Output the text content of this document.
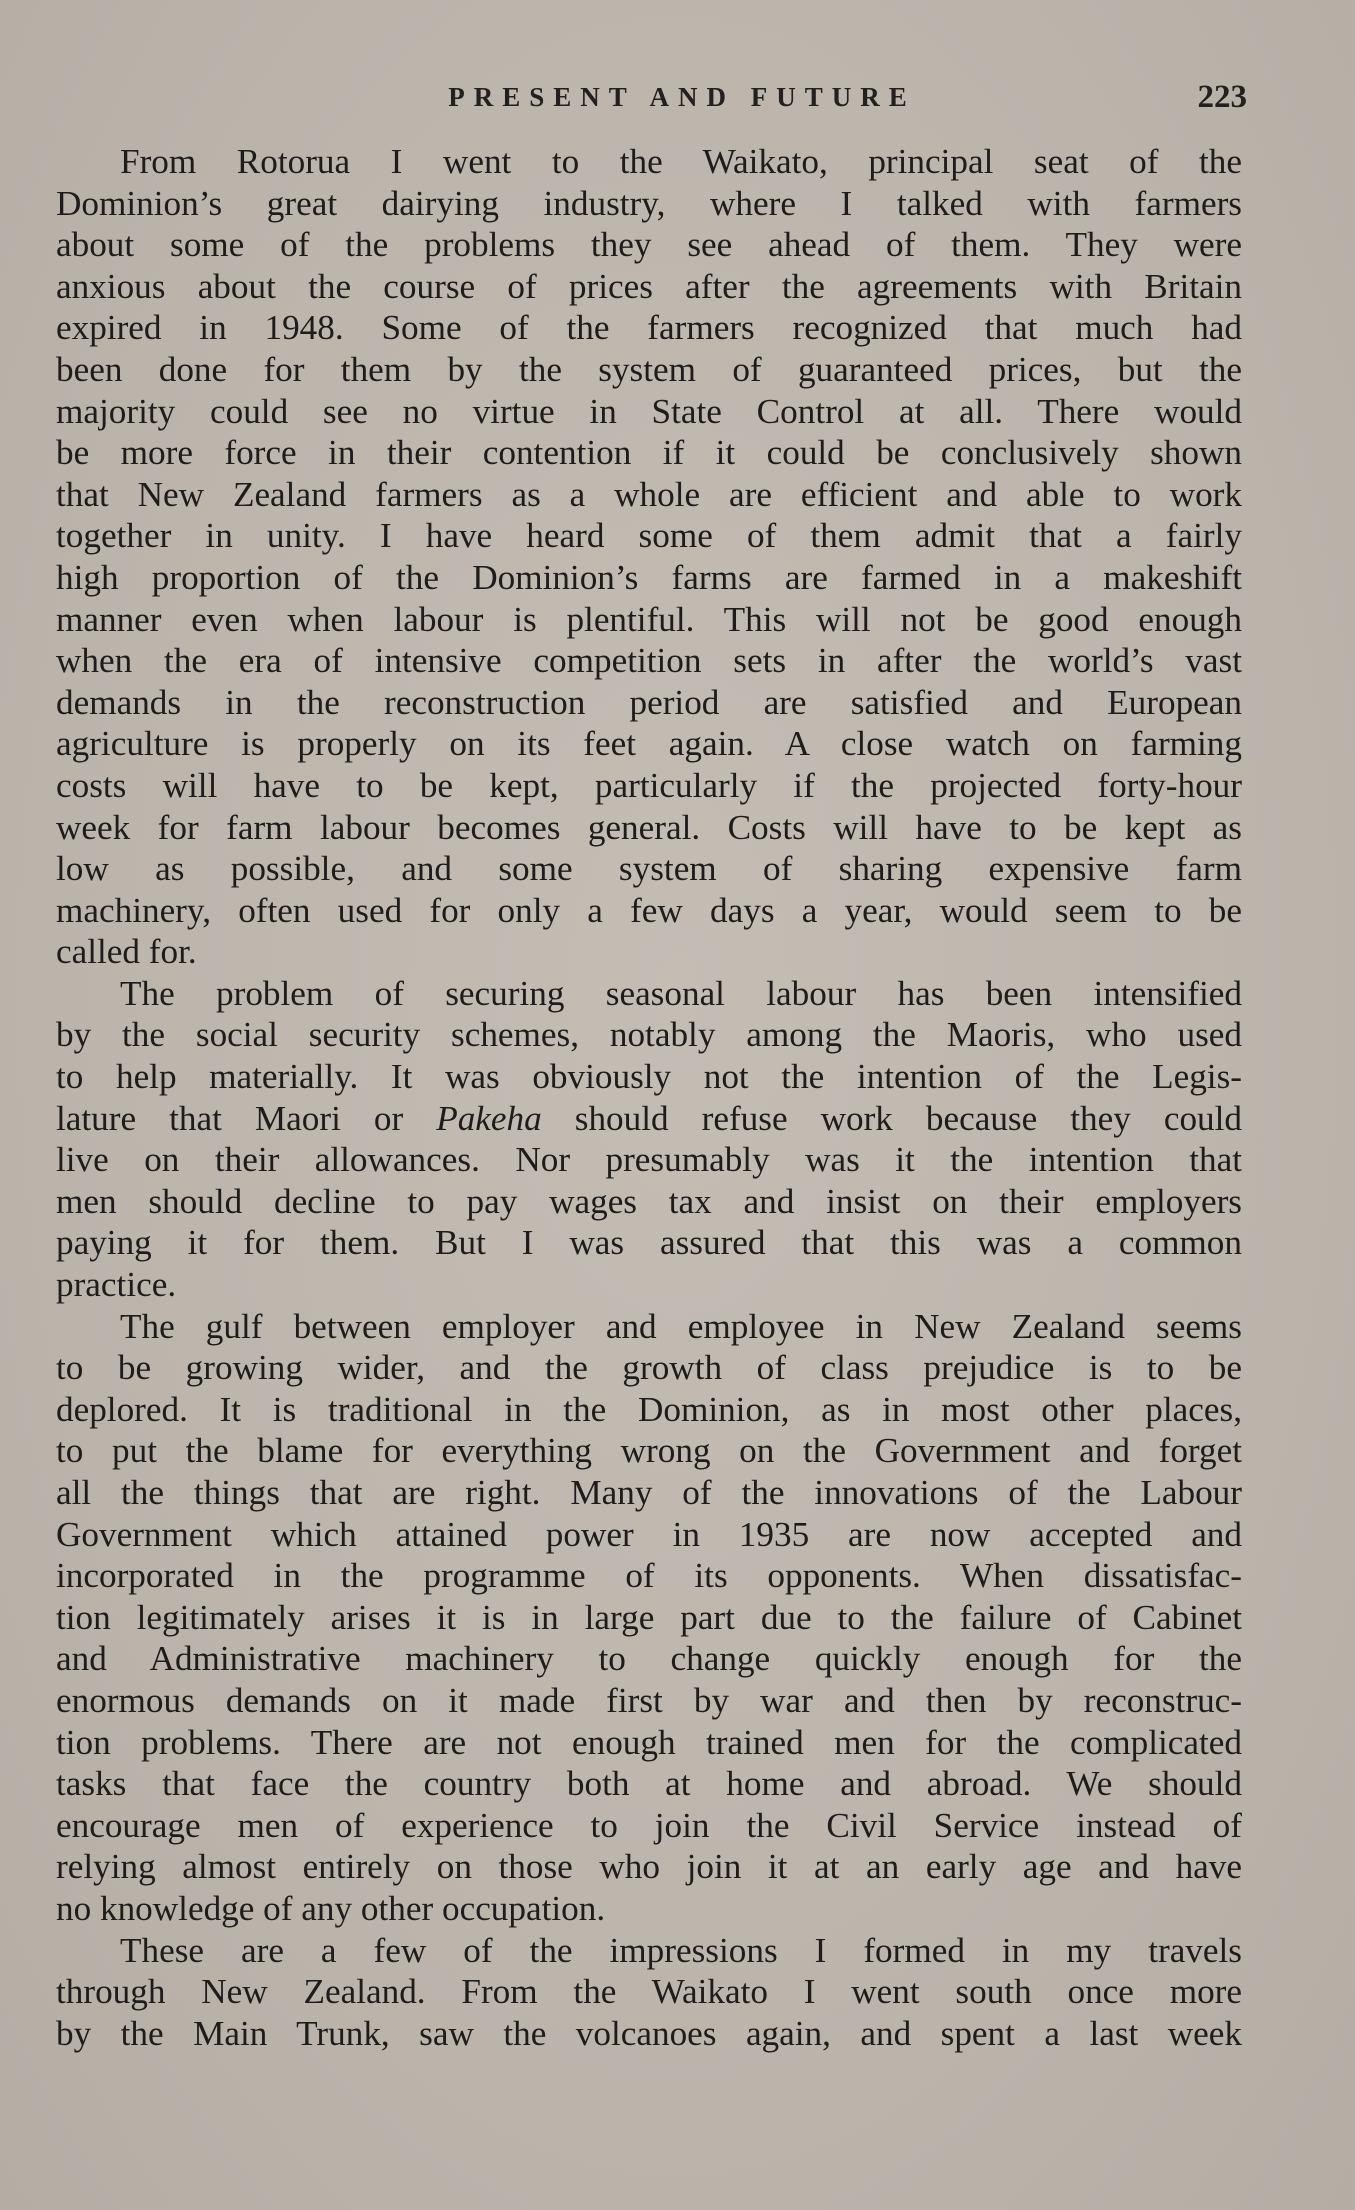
PRESENT AND FUTURE	223
From Rotorua I went to the Waikato, principal seat of the
Dominion’s great dairying industry, where I talked with farmers
about some of the problems they see ahead of them. They were
anxious about the course of prices after the agreements with Britain
expired in 1948. Some of the farmers recognized that much had
been done for them by the system of guaranteed prices, but the
majority could see no virtue in State Control at all. There would
be more force in their contention if it could be conclusively shown
that New Zealand farmers as a whole are efficient and able to work
together in unity. I have heard some of them admit that a fairly
high proportion of the Dominion’s farms are farmed in a makeshift
manner even when labour is plentiful. This will not be good enough
when the era of intensive competition sets in after the world’s vast
demands in the reconstruction period are satisfied and European
agriculture is properly on its feet again. A close watch on farming
costs will have to be kept, particularly if the projected forty-hour
week for farm labour becomes general. Costs will have to be kept as
low as possible, and some system of sharing expensive farm
machinery, often used for only a few days a year, would seem to be
called for.
The problem of securing seasonal labour has been intensified
by the social security schemes, notably among the Maoris, who used
to help materially. It was obviously not the intention of the Legis-
lature that Maori or Pakeha should refuse work because they could
live on their allowances. Nor presumably was it the intention that
men should decline to pay wages tax and insist on their employers
paying it for them. But I was assured that this was a common
practice.
The gulf between employer and employee in New Zealand seems
to be growing wider, and the growth of class prejudice is to be
deplored. It is traditional in the Dominion, as in most other places,
to put the blame for everything wrong on the Government and forget
all the things that are right. Many of the innovations of the Labour
Government which attained power in 1935 are now accepted and
incorporated in the programme of its opponents. When dissatisfac-
tion legitimately arises it is in large part due to the failure of Cabinet
and Administrative machinery to change quickly enough for the
enormous demands on it made first by war and then by reconstruc-
tion problems. There are not enough trained men for the complicated
tasks that face the country both at home and abroad. We should
encourage men of experience to join the Civil Service instead of
relying almost entirely on those who join it at an early age and have
no knowledge of any other occupation.
These are a few of the impressions I formed in my travels
through New Zealand. From the Waikato I went south once more
by the Main Trunk, saw the volcanoes again, and spent a last week
